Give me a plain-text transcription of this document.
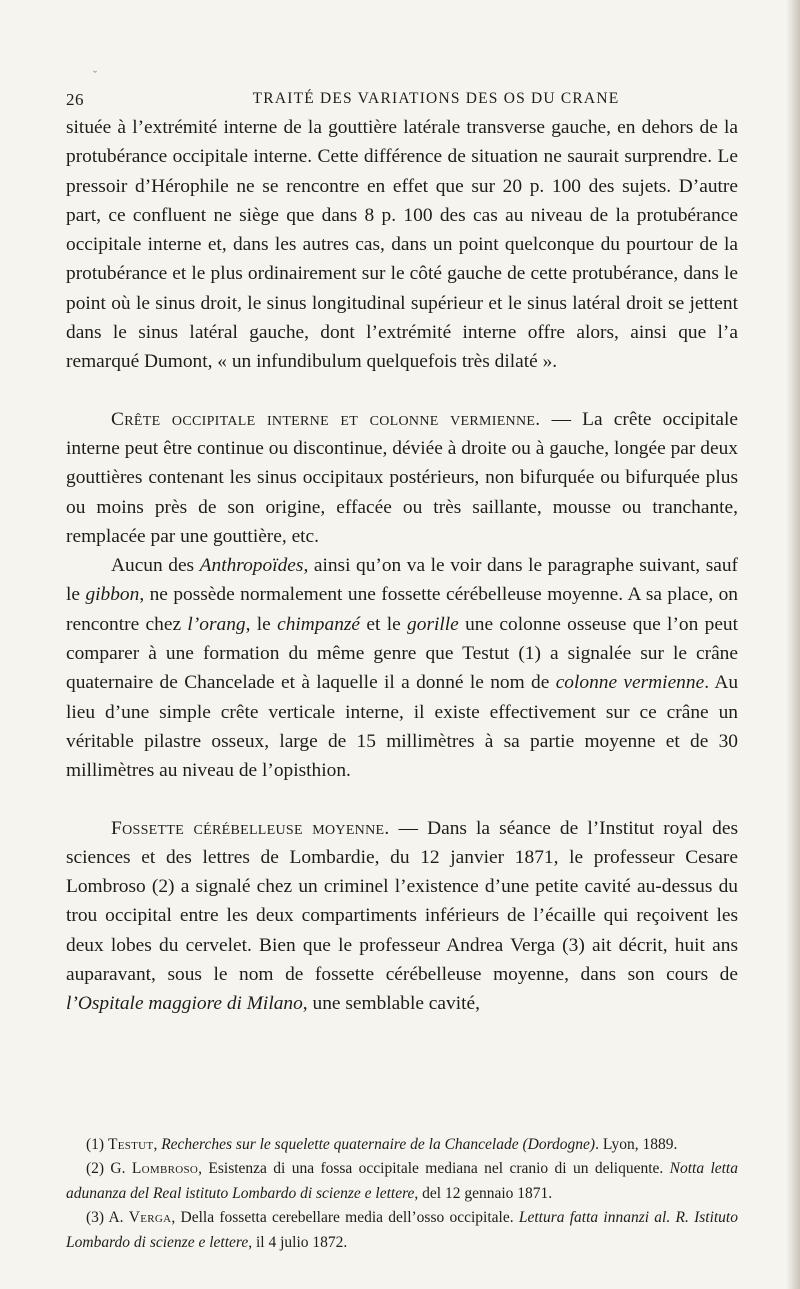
ˇ
26	TRAITÉ DES VARIATIONS DES OS DU CRANE

située à l’extrémité interne de la gouttière latérale transverse gauche, en dehors de la protubérance occipitale interne. Cette différence de situation ne saurait surprendre. Le pressoir d’Hérophile ne se rencontre en effet que sur 20 p. 100 des sujets. D’autre part, ce confluent ne siège que dans 8 p. 100 des cas au niveau de la protubérance occipitale interne et, dans les autres cas, dans un point quelconque du pourtour de la protubérance et le plus ordinairement sur le côté gauche de cette protubérance, dans le point où le sinus droit, le sinus longitudinal supérieur et le sinus latéral droit se jettent dans le sinus latéral gauche, dont l’extrémité interne offre alors, ainsi que l’a remarqué Dumont, « un infundibulum quelquefois très dilaté ».

Crête occipitale interne et colonne vermienne. — La crête occipitale interne peut être continue ou discontinue, déviée à droite ou à gauche, longée par deux gouttières contenant les sinus occipitaux postérieurs, non bifurquée ou bifurquée plus ou moins près de son origine, effacée ou très saillante, mousse ou tranchante, remplacée par une gouttière, etc.

Aucun des Anthropoïdes, ainsi qu’on va le voir dans le paragraphe suivant, sauf le gibbon, ne possède normalement une fossette cérébelleuse moyenne. A sa place, on rencontre chez l’orang, le chimpanzé et le gorille une colonne osseuse que l’on peut comparer à une formation du même genre que Testut (1) a signalée sur le crâne quaternaire de Chancelade et à laquelle il a donné le nom de colonne vermienne. Au lieu d’une simple crête verticale interne, il existe effectivement sur ce crâne un véritable pilastre osseux, large de 15 millimètres à sa partie moyenne et de 30 millimètres au niveau de l’opisthion.

Fossette cérébelleuse moyenne. — Dans la séance de l’Institut royal des sciences et des lettres de Lombardie, du 12 janvier 1871, le professeur Cesare Lombroso (2) a signalé chez un criminel l’existence d’une petite cavité au-dessus du trou occipital entre les deux compartiments inférieurs de l’écaille qui reçoivent les deux lobes du cervelet. Bien que le professeur Andrea Verga (3) ait décrit, huit ans auparavant, sous le nom de fossette cérébelleuse moyenne, dans son cours de l’Ospitale maggiore di Milano, une semblable cavité,

(1) Testut, Recherches sur le squelette quaternaire de la Chancelade (Dordogne). Lyon, 1889.

(2) G. Lombroso, Esistenza di una fossa occipitale mediana nel cranio di un deliquente. Notta letta adunanza del Real istituto Lombardo di scienze e lettere, del 12 gennaio 1871.

(3) A. Verga, Della fossetta cerebellare media dell’osso occipitale. Lettura fatta innanzi al. R. Istituto Lombardo di scienze e lettere, il 4 julio 1872.
